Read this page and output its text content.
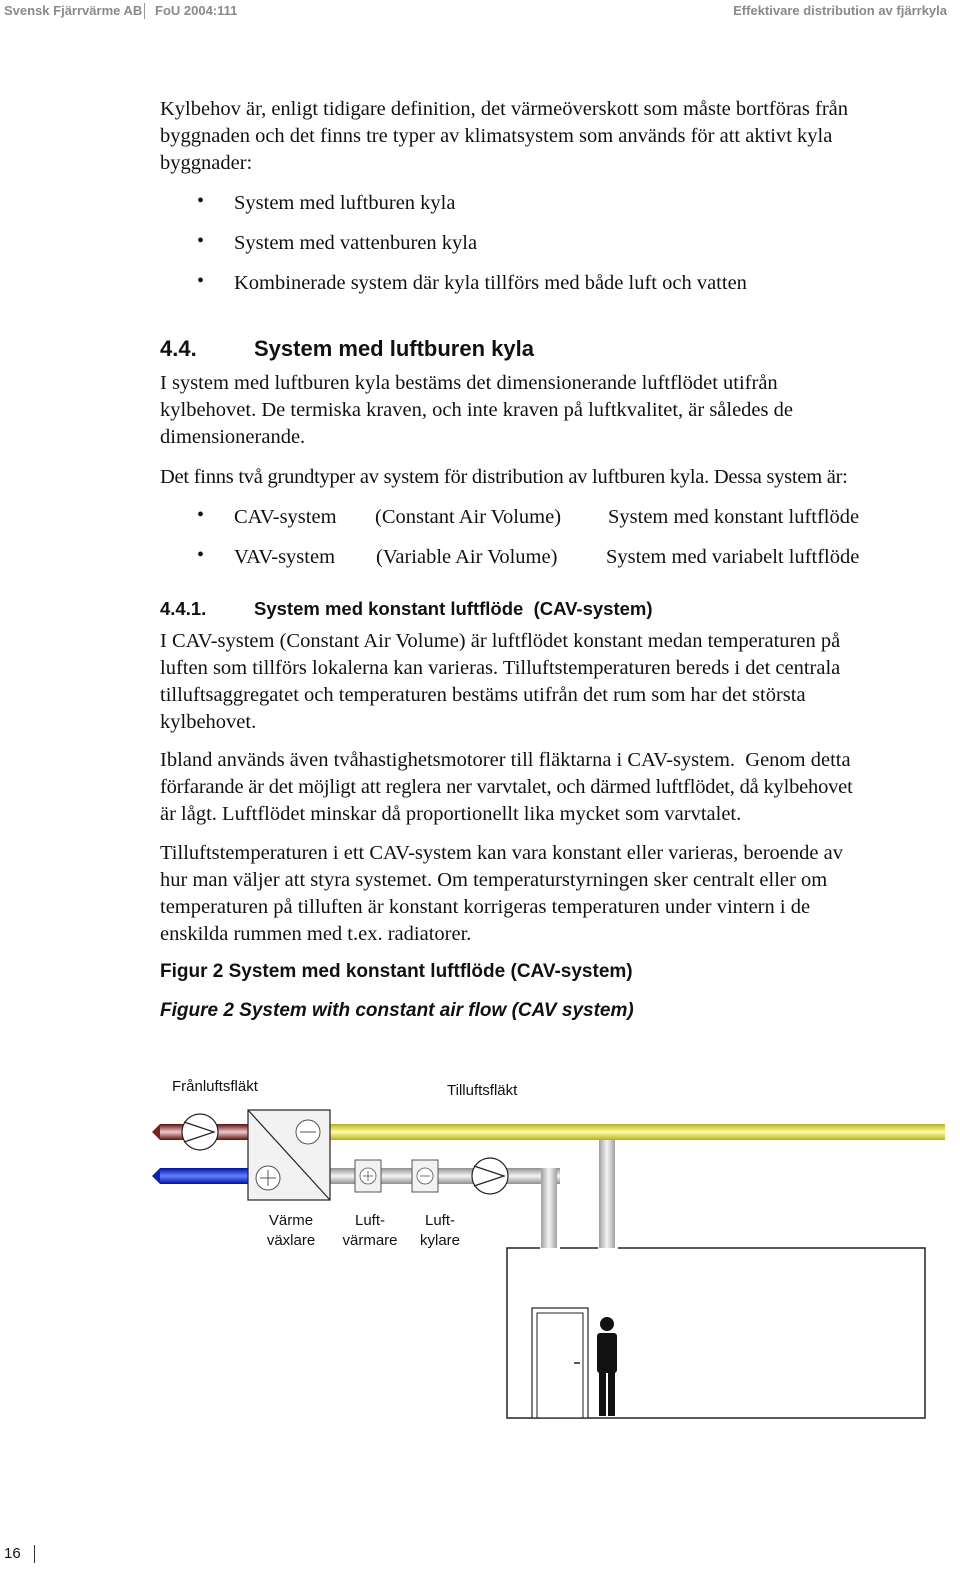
Svensk Fjärrvärme AB FoU 2004:111	Effektivare distribution av fjärrkyla
Kylbehov är, enligt tidigare definition, det värmeöverskott som måste bortföras från
byggnaden och det finns tre typer av klimatsystem som används för att aktivt kyla
byggnader:
• System med luftburen kyla
• System med vattenburen kyla
• Kombinerade system där kyla tillförs med både luft och vatten
4.4.	System med luftburen kyla
I system med luftburen kyla bestäms det dimensionerande luftflödet utifrån
kylbehovet. De termiska kraven, och inte kraven på luftkvalitet, är således de
dimensionerande.
Det finns två grundtyper av system för distribution av luftburen kyla. Dessa system är:
• CAV-system (Constant Air Volume) System med konstant luftflöde
• VAV-system (Variable Air Volume) System med variabelt luftflöde
4.4.1.	System med konstant luftflöde  (CAV-system)
I CAV-system (Constant Air Volume) är luftflödet konstant medan temperaturen på
luften som tillförs lokalerna kan varieras. Tilluftstemperaturen bereds i det centrala
tilluftsaggregatet och temperaturen bestäms utifrån det rum som har det största
kylbehovet.
Ibland används även tvåhastighetsmotorer till fläktarna i CAV-system.  Genom detta
förfarande är det möjligt att reglera ner varvtalet, och därmed luftflödet, då kylbehovet
är lågt. Luftflödet minskar då proportionellt lika mycket som varvtalet.
Tilluftstemperaturen i ett CAV-system kan vara konstant eller varieras, beroende av
hur man väljer att styra systemet. Om temperaturstyrningen sker centralt eller om
temperaturen på tilluften är konstant korrigeras temperaturen under vintern i de
enskilda rummen med t.ex. radiatorer.
Figur 2 System med konstant luftflöde (CAV-system)
Figure 2 System with constant air flow (CAV system)
Frånluftsfläkt	Tilluftsfläkt
Värme
växlare
Luft-
värmare
Luft-
kylare
16
